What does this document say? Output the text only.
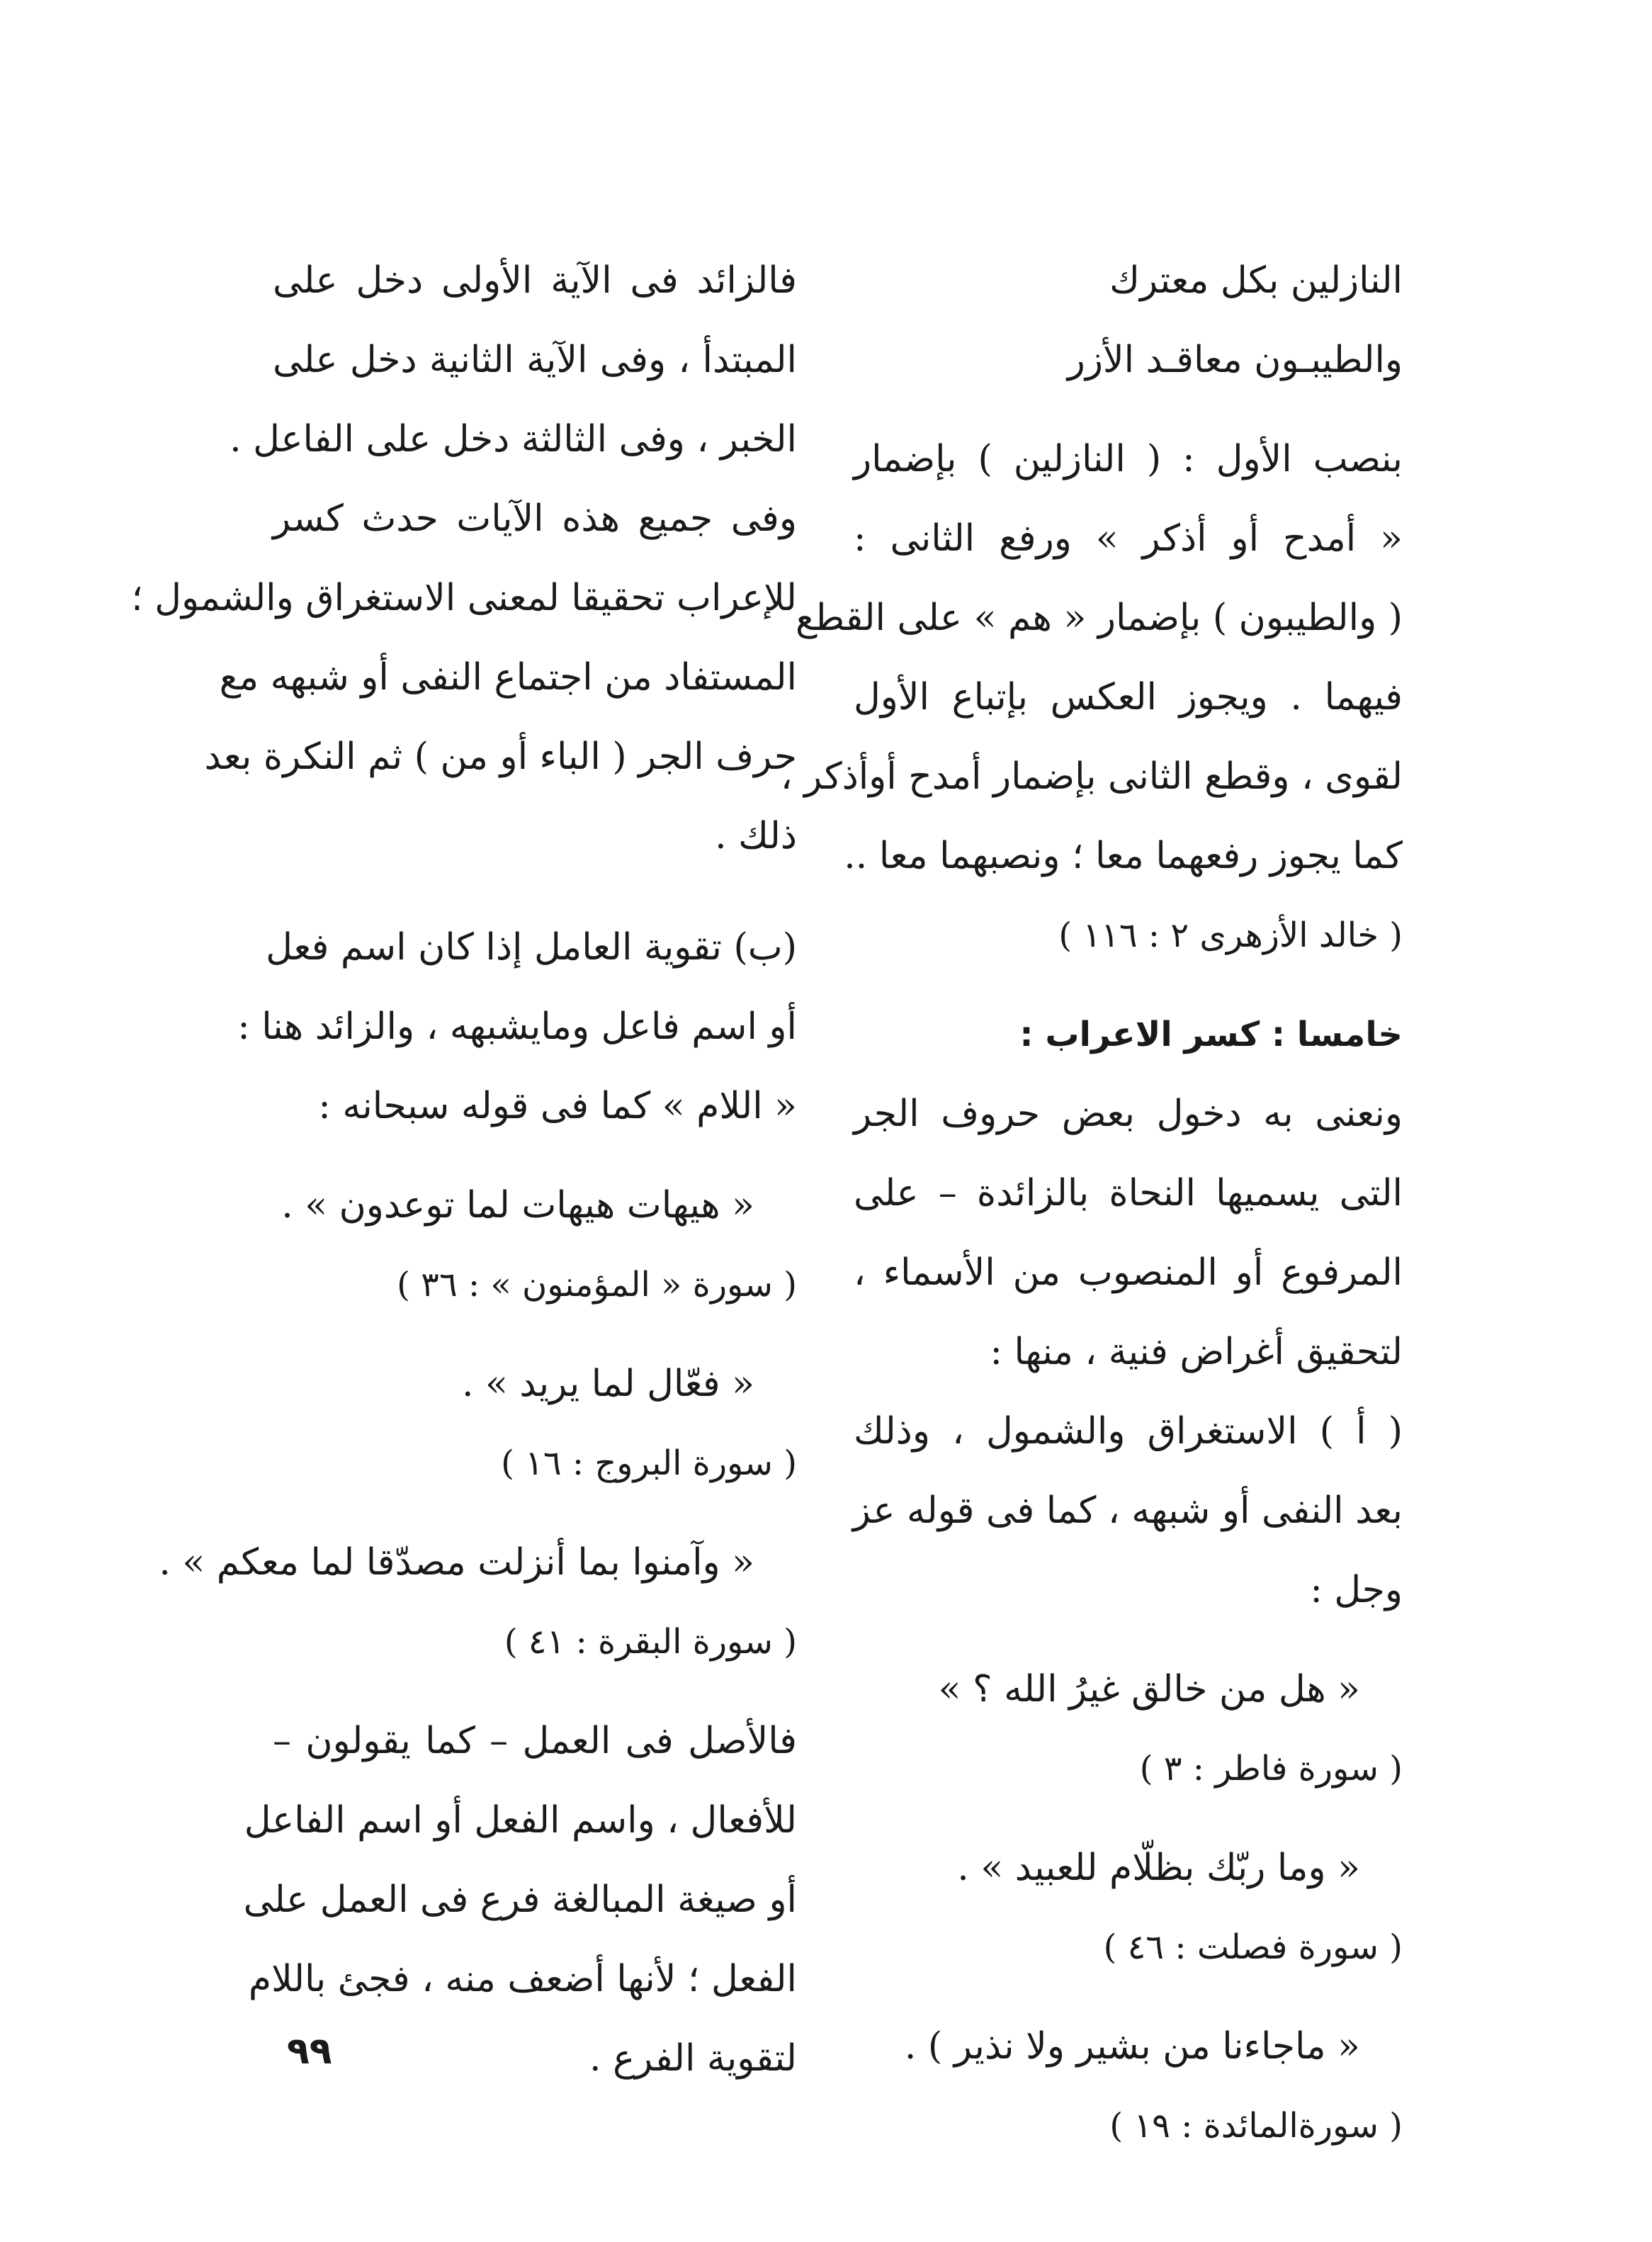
النازلين بكل معترك
والطيبـون معاقـد الأزر
بنصب الأول : ( النازلين ) بإضمار
« أمدح أو أذكر » ورفع الثانى :
( والطيبون ) بإضمار « هم » على القطع
فيهما . ويجوز العكس بإتباع الأول
لقوى ، وقطع الثانى بإضمار أمدح أوأذكر ،
كما يجوز رفعهما معا ؛ ونصبهما معا ..
( خالد الأزهرى ٢ : ١١٦ )
خامسا : كسر الاعراب :
ونعنى به دخول بعض حروف الجر
التى يسميها النحاة بالزائدة – على
المرفوع أو المنصوب من الأسماء ،
لتحقيق أغراض فنية ، منها :
( أ ) الاستغراق والشمول ، وذلك
بعد النفى أو شبهه ، كما فى قوله عز
وجل :
« هل من خالق غيرُ الله ؟ »
( سورة فاطر : ٣ )
« وما ربّك بظلّام للعبيد » .
( سورة فصلت : ٤٦ )
« ماجاءنا من بشير ولا نذير ) .
( سورةالمائدة : ١٩ )
فالزائد فى الآية الأولى دخل على
المبتدأ ، وفى الآية الثانية دخل على
الخبر ، وفى الثالثة دخل على الفاعل .
وفى جميع هذه الآيات حدث كسر
للإعراب تحقيقا لمعنى الاستغراق والشمول ؛
المستفاد من اجتماع النفى أو شبهه مع
حرف الجر ( الباء أو من ) ثم النكرة بعد
ذلك .
(ب) تقوية العامل إذا كان اسم فعل
أو اسم فاعل ومايشبهه ، والزائد هنا :
« اللام » كما فى قوله سبحانه :
« هيهات هيهات لما توعدون » .
( سورة « المؤمنون » : ٣٦ )
« فعّال لما يريد » .
( سورة البروج : ١٦ )
« وآمنوا بما أنزلت مصدّقا لما معكم » .
( سورة البقرة : ٤١ )
فالأصل فى العمل – كما يقولون –
للأفعال ، واسم الفعل أو اسم الفاعل
أو صيغة المبالغة فرع فى العمل على
الفعل ؛ لأنها أضعف منه ، فجئ باللام
لتقوية الفرع .
٩٩
